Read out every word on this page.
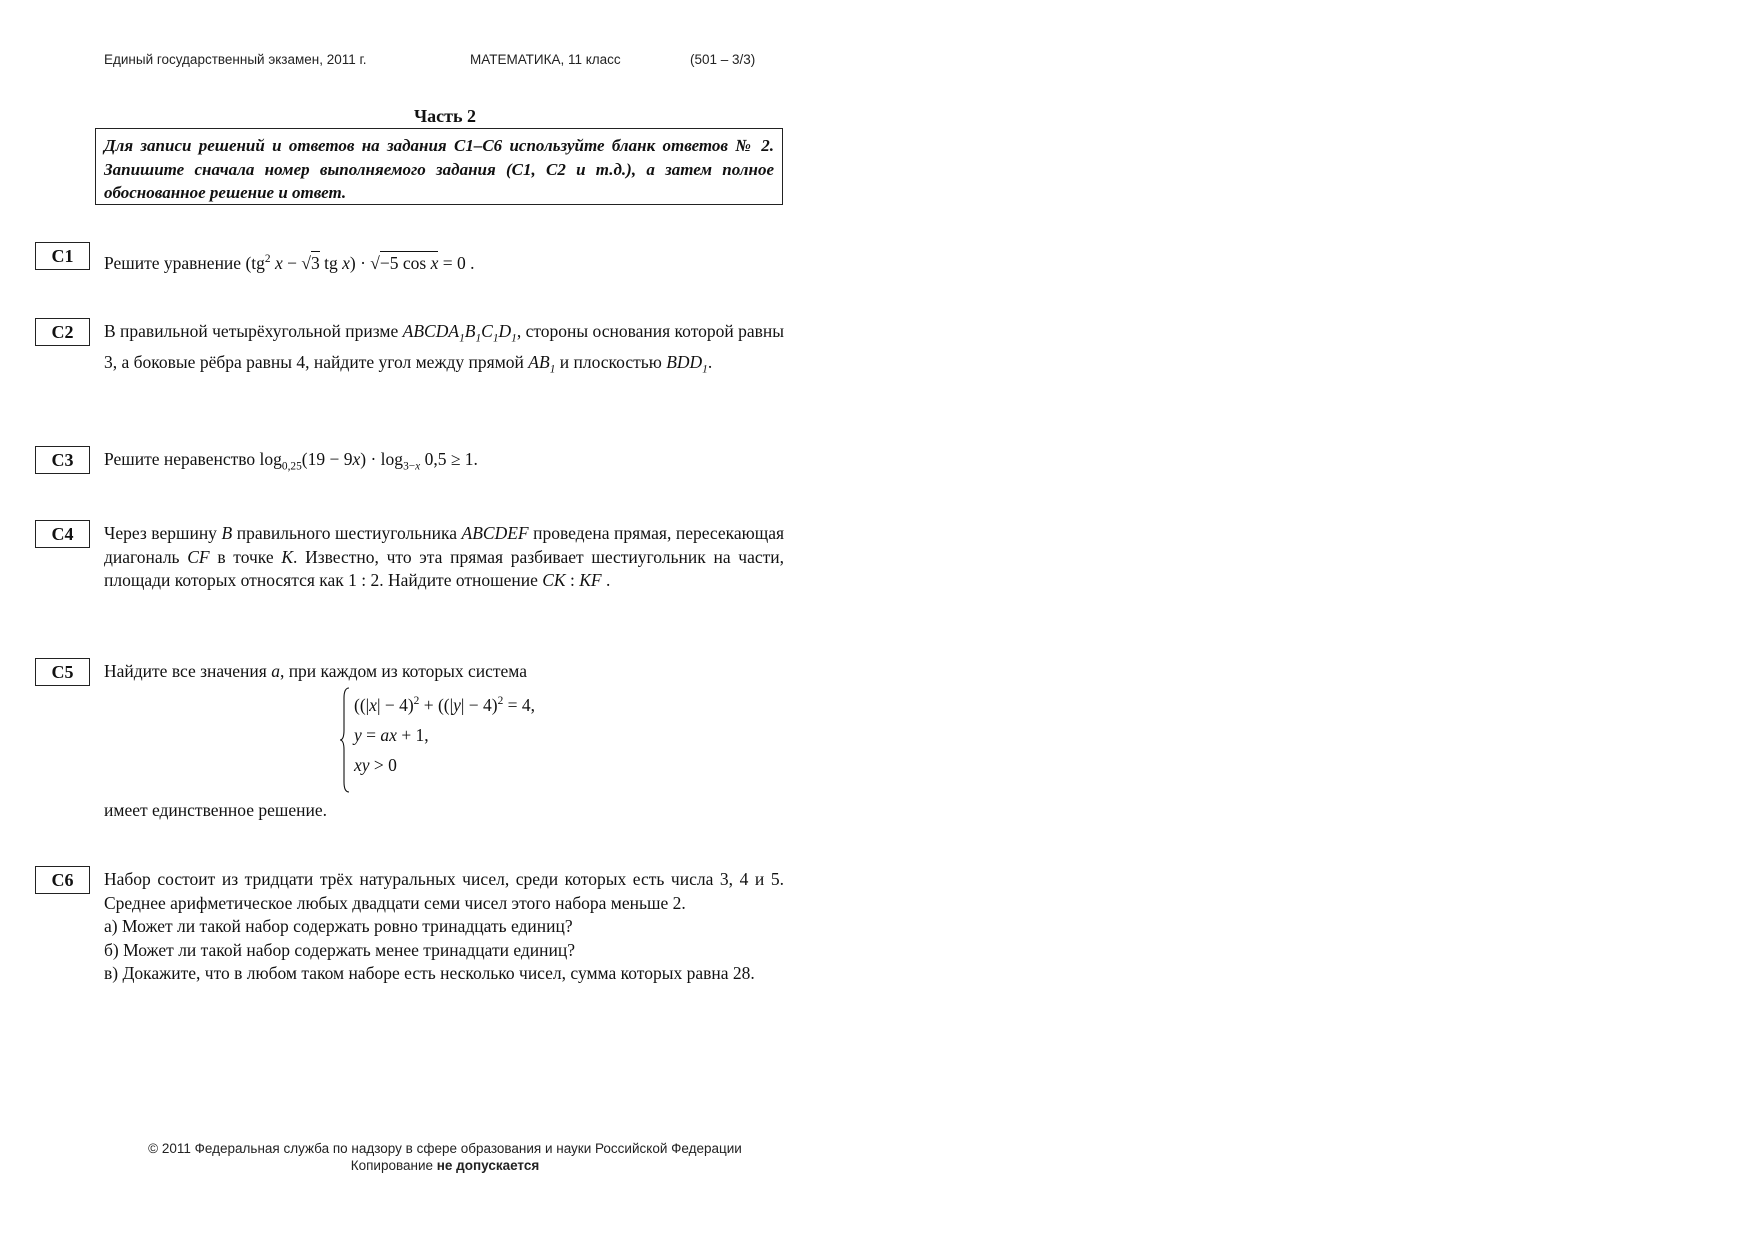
Единый государственный экзамен, 2011 г.	МАТЕМАТИКА, 11 класс	(501 – 3/3)
Часть 2
Для записи решений и ответов на задания С1–С6 используйте бланк ответов № 2. Запишите сначала номер выполняемого задания (С1, С2 и т.д.), а затем полное обоснованное решение и ответ.
C1	Решите уравнение ($tg^2$ x − √3 tg x) · √−5 cos x = 0 .
C2	В правильной четырёхугольной призме $ABCDA_1B_1C_1D_1$, стороны основания которой равны 3, а боковые рёбра равны 4, найдите угол между прямой $AB_1$ и плоскостью $BDD_1$.
C3	Решите неравенство $\log_{0,25}(19 - 9x) \cdot \log_{3-x} 0,5 \ge 1$.
C4	Через вершину B правильного шестиугольника ABCDEF проведена прямая, пересекающая диагональ CF в точке K. Известно, что эта прямая разбивает шестиугольник на части, площади которых относятся как 1 : 2. Найдите отношение CK : KF .
C5	Найдите все значения a, при каждом из которых система
($(|x| - 4)^2 + ((|y| - 4)^2 = 4$,
y = ax + 1,
xy > 0
имеет единственное решение.
C6	Набор состоит из тридцати трёх натуральных чисел, среди которых есть числа 3, 4 и 5. Среднее арифметическое любых двадцати семи чисел этого набора меньше 2.
а) Может ли такой набор содержать ровно тринадцать единиц?
б) Может ли такой набор содержать менее тринадцати единиц?
в) Докажите, что в любом таком наборе есть несколько чисел, сумма которых равна 28.
© 2011 Федеральная служба по надзору в сфере образования и науки Российской Федерации
Копирование не допускается
